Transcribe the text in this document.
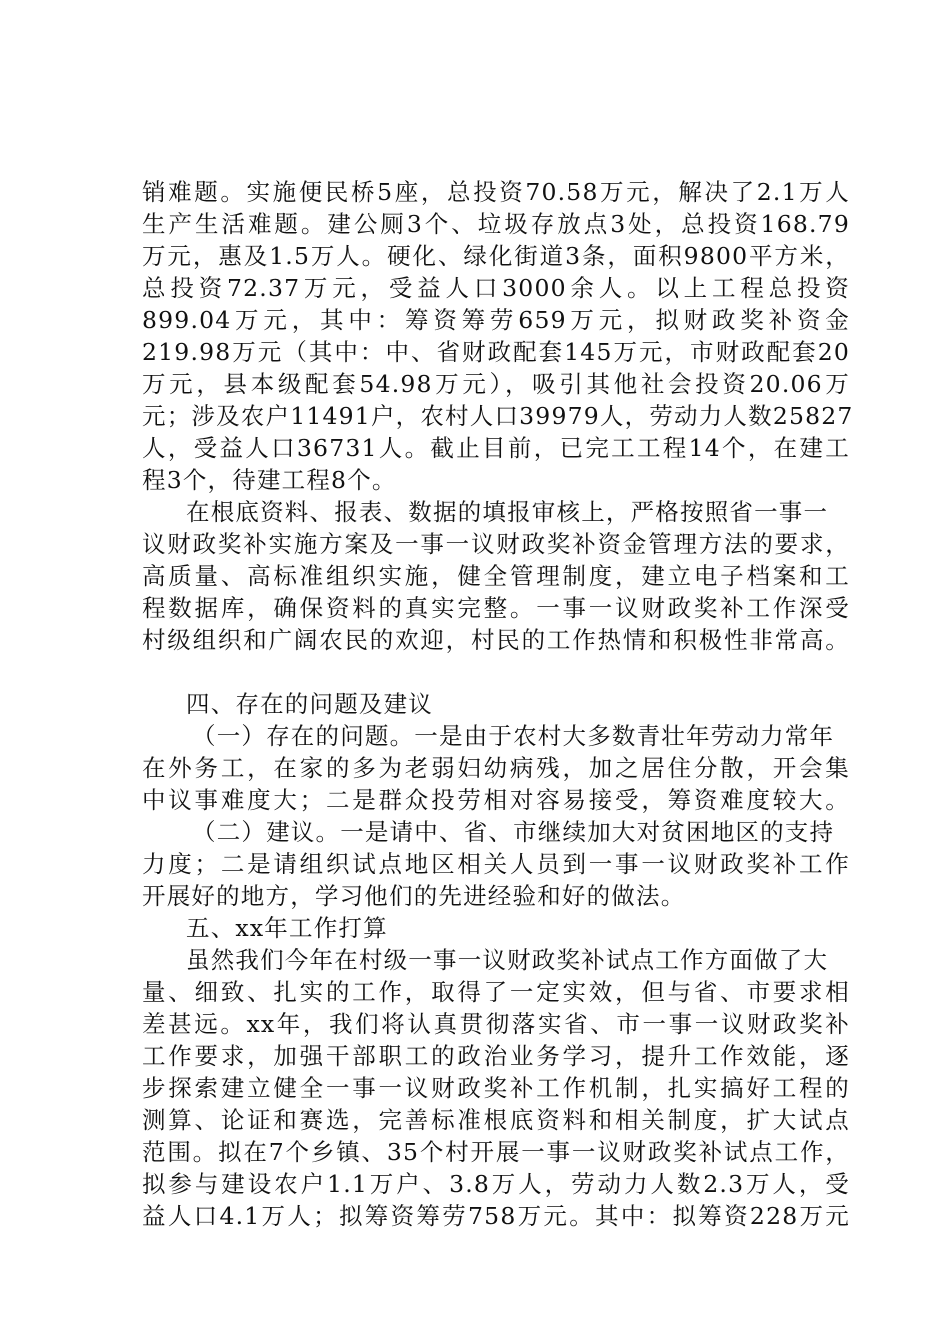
销难题。实施便民桥5座，总投资70.58万元，解决了2.1万人
生产生活难题。建公厕3个、垃圾存放点3处，总投资168.79
万元，惠及1.5万人。硬化、绿化街道3条，面积9800平方米，
总投资72.37万元，受益人口3000余人。以上工程总投资
899.04万元，其中：筹资筹劳659万元，拟财政奖补资金
219.98万元（其中：中、省财政配套145万元，市财政配套20
万元，县本级配套54.98万元），吸引其他社会投资20.06万
元；涉及农户11491户，农村人口39979人，劳动力人数25827
人，受益人口36731人。截止目前，已完工工程14个，在建工
程3个，待建工程8个。
在根底资料、报表、数据的填报审核上，严格按照省一事一
议财政奖补实施方案及一事一议财政奖补资金管理方法的要求，
高质量、高标准组织实施，健全管理制度，建立电子档案和工
程数据库，确保资料的真实完整。一事一议财政奖补工作深受
村级组织和广阔农民的欢迎，村民的工作热情和积极性非常高。
四、存在的问题及建议
（一）存在的问题。一是由于农村大多数青壮年劳动力常年
在外务工，在家的多为老弱妇幼病残，加之居住分散，开会集
中议事难度大；二是群众投劳相对容易接受，筹资难度较大。
（二）建议。一是请中、省、市继续加大对贫困地区的支持
力度；二是请组织试点地区相关人员到一事一议财政奖补工作
开展好的地方，学习他们的先进经验和好的做法。
五、xx年工作打算
虽然我们今年在村级一事一议财政奖补试点工作方面做了大
量、细致、扎实的工作，取得了一定实效，但与省、市要求相
差甚远。xx年，我们将认真贯彻落实省、市一事一议财政奖补
工作要求，加强干部职工的政治业务学习，提升工作效能，逐
步探索建立健全一事一议财政奖补工作机制，扎实搞好工程的
测算、论证和赛选，完善标准根底资料和相关制度，扩大试点
范围。拟在7个乡镇、35个村开展一事一议财政奖补试点工作，
拟参与建设农户1.1万户、3.8万人，劳动力人数2.3万人，受
益人口4.1万人；拟筹资筹劳758万元。其中：拟筹资228万元
